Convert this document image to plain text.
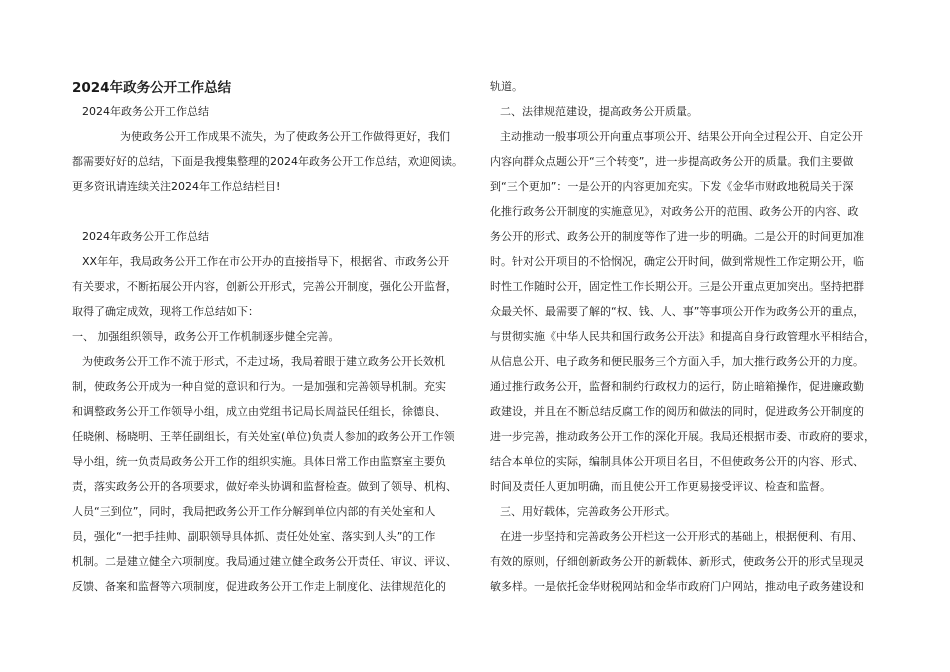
2024年政务公开工作总结
2024年政务公开工作总结
为使政务公开工作成果不流失，为了使政务公开工作做得更好，我们
都需要好好的总结，下面是我搜集整理的2024年政务公开工作总结，欢迎阅读。
更多资讯请连续关注2024年工作总结栏目!
2024年政务公开工作总结
XX年年，我局政务公开工作在市公开办的直接指导下，根据省、市政务公开
有关要求，不断拓展公开内容，创新公开形式，完善公开制度，强化公开监督，
取得了确定成效，现将工作总结如下：
一、 加强组织领导，政务公开工作机制逐步健全完善。
为使政务公开工作不流于形式，不走过场，我局着眼于建立政务公开长效机
制，使政务公开成为一种自觉的意识和行为。一是加强和完善领导机制。充实
和调整政务公开工作领导小组，成立由党组书记局长周益民任组长，徐德良、
任晓俐、杨晓明、王莘任副组长，有关处室(单位)负责人参加的政务公开工作领
导小组，统一负责局政务公开工作的组织实施。具体日常工作由监察室主要负
责，落实政务公开的各项要求，做好牵头协调和监督检查。做到了领导、机构、
人员“三到位”，同时，我局把政务公开工作分解到单位内部的有关处室和人
员，强化“一把手挂帅、副职领导具体抓、责任处处室、落实到人头”的工作
机制。二是建立健全六项制度。我局通过建立健全政务公开责任、审议、评议、
反馈、备案和监督等六项制度，促进政务公开工作走上制度化、法律规范化的
轨道。
二、法律规范建设，提高政务公开质量。
主动推动一般事项公开向重点事项公开、结果公开向全过程公开、自定公开
内容向群众点题公开“三个转变”，进一步提高政务公开的质量。我们主要做
到“三个更加”：一是公开的内容更加充实。下发《金华市财政地税局关于深
化推行政务公开制度的实施意见》，对政务公开的范围、政务公开的内容、政
务公开的形式、政务公开的制度等作了进一步的明确。二是公开的时间更加准
时。针对公开项目的不恰悯况，确定公开时间，做到常规性工作定期公开，临
时性工作随时公开，固定性工作长期公开。三是公开重点更加突出。坚持把群
众最关怀、最需要了解的“权、钱、人、事”等事项公开作为政务公开的重点，
与贯彻实施《中华人民共和国行政务公开法》和提高自身行政管理水平相结合，
从信息公开、电子政务和便民服务三个方面入手，加大推行政务公开的力度。
通过推行政务公开，监督和制约行政权力的运行，防止暗箱操作，促进廉政勤
政建设，并且在不断总结反腐工作的阅历和做法的同时，促进政务公开制度的
进一步完善，推动政务公开工作的深化开展。我局还根据市委、市政府的要求，
结合本单位的实际，编制具体公开项目名目，不但使政务公开的内容、形式、
时间及责任人更加明确，而且使公开工作更易接受评议、检查和监督。
三、用好载体，完善政务公开形式。
在进一步坚持和完善政务公开栏这一公开形式的基础上，根据便利、有用、
有效的原则，仔细创新政务公开的新载体、新形式，使政务公开的形式呈现灵
敏多样。一是依托金华财税网站和金华市政府门户网站，推动电子政务建设和
